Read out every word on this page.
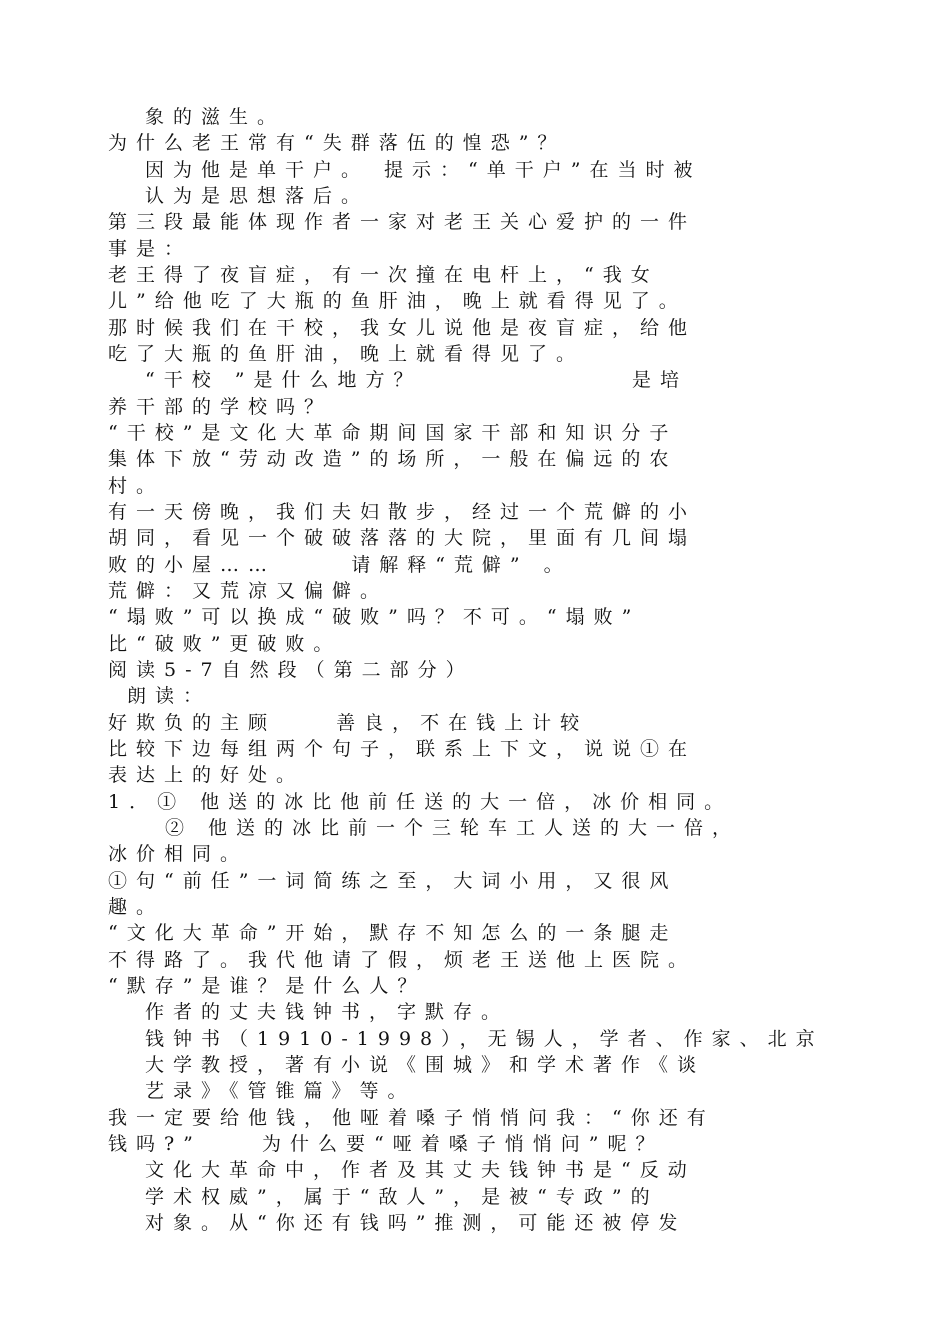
象的滋生。
为什么老王常有“失群落伍的惶恐”？
因为他是单干户。 提示：“单干户”在当时被
认为是思想落后。
第三段最能体现作者一家对老王关心爱护的一件
事是：
老王得了夜盲症，有一次撞在电杆上，“我女
儿”给他吃了大瓶的鱼肝油，晚上就看得见了。
那时候我们在干校，我女儿说他是夜盲症，给他
吃了大瓶的鱼肝油，晚上就看得见了。
“干校 ”是什么地方？              是培
养干部的学校吗？
“干校”是文化大革命期间国家干部和知识分子
集体下放“劳动改造”的场所，一般在偏远的农
村。
有一天傍晚，我们夫妇散步，经过一个荒僻的小
胡同，看见一个破破落落的大院，里面有几间塌
败的小屋……     请解释“荒僻” 。
荒僻：又荒凉又偏僻。
“塌败”可以换成“破败”吗？不可。“塌败”
比“破败”更破败。
阅读5-7自然段（第二部分）
朗读：
好欺负的主顾    善良，不在钱上计较
比较下边每组两个句子，联系上下文，说说①在
表达上的好处。
1．① 他送的冰比他前任送的大一倍，冰价相同。
② 他送的冰比前一个三轮车工人送的大一倍，
冰价相同。
①句“前任”一词简练之至，大词小用，又很风
趣。
“文化大革命”开始，默存不知怎么的一条腿走
不得路了。我代他请了假，烦老王送他上医院。
“默存”是谁？是什么人？
作者的丈夫钱钟书，字默存。
钱钟书（1910-1998），无锡人，学者、作家、北京
大学教授，著有小说《围城》和学术著作《谈
艺录》《管锥篇》等。
我一定要给他钱，他哑着嗓子悄悄问我：“你还有
钱吗?”    为什么要“哑着嗓子悄悄问”呢？
文化大革命中，作者及其丈夫钱钟书是“反动
学术权威”，属于“敌人”，是被“专政”的
对象。从“你还有钱吗”推测，可能还被停发
